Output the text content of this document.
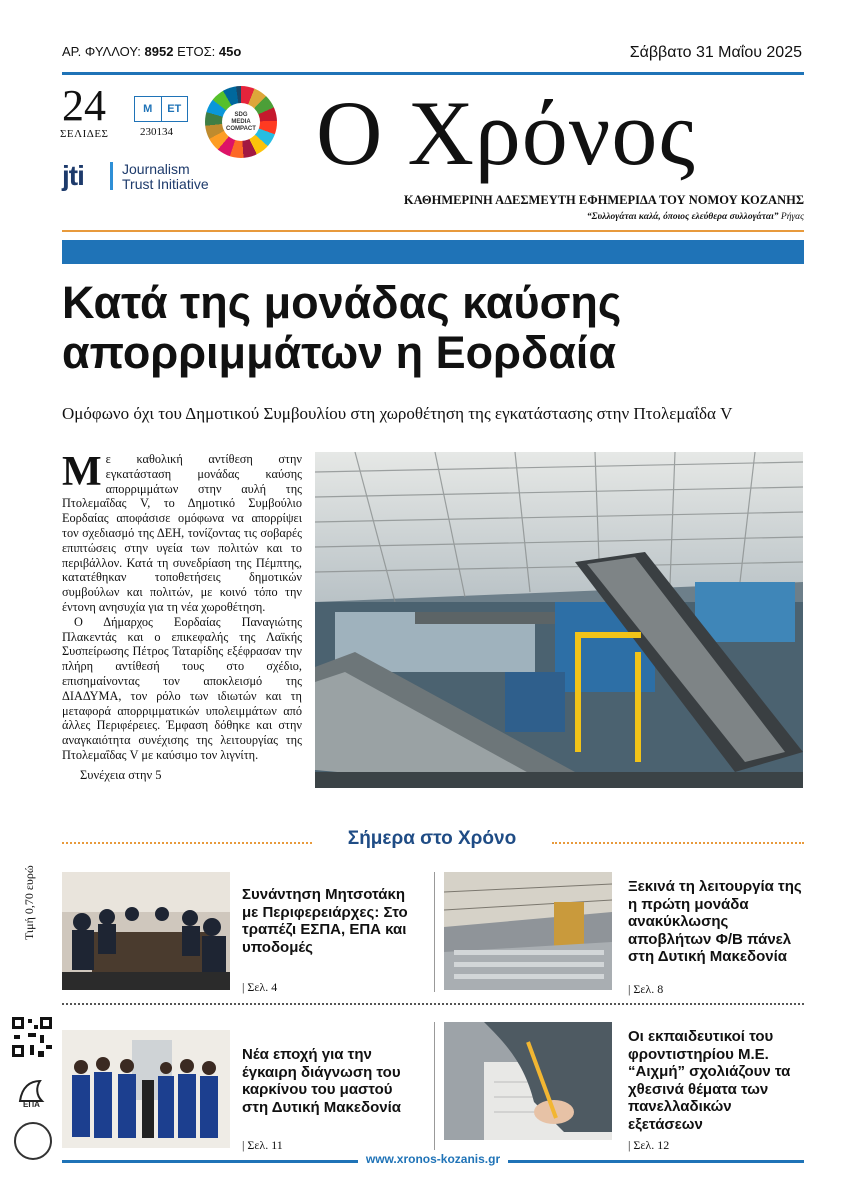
ΑΡ. ΦΥΛΛΟΥ: 8952 ΕΤΟΣ: 45ο	Σάββατο 31 Μαΐου 2025
24
ΣΕΛΙΔΕΣ
M	ET
230134
SDG
MEDIA
COMPACT
jti	Journalism
Trust Initiative Ο Χρόνος
ΚΑΘΗΜΕΡΙΝΗ ΑΔΕΣΜΕΥΤΗ ΕΦΗΜΕΡΙΔΑ ΤΟΥ ΝΟΜΟΥ ΚΟΖΑΝΗΣ
“Συλλογάται καλά, όποιος ελεύθερα συλλογάται” Ρήγας
Κατά της μονάδας καύσης απορριμμάτων η Εορδαία
Ομόφωνο όχι του Δημοτικού Συμβουλίου στη χωροθέτηση της εγκατάστασης στην Πτολεμαΐδα V

Με καθολική αντίθεση στην εγκατάσταση μονάδας καύσης απορριμμάτων στην αυλή της Πτολεμαΐδας V, το Δημοτικό Συμβούλιο Εορδαίας αποφάσισε ομόφωνα να απορρίψει τον σχεδιασμό της ΔΕΗ, τονίζοντας τις σοβαρές επιπτώσεις στην υγεία των πολιτών και το περιβάλλον. Κατά τη συνεδρίαση της Πέμπτης, κατατέθηκαν τοποθετήσεις δημοτικών συμβούλων και πολιτών, με κοινό τόπο την έντονη ανησυχία για τη νέα χωροθέτηση.

Ο Δήμαρχος Εορδαίας Παναγιώτης Πλακεντάς και ο επικεφαλής της Λαϊκής Συσπείρωσης Πέτρος Ταταρίδης εξέφρασαν την πλήρη αντίθεσή τους στο σχέδιο, επισημαίνοντας τον αποκλεισμό της ΔΙΑΔΥΜΑ, τον ρόλο των ιδιωτών και τη μεταφορά απορριμματικών υπολειμμάτων από άλλες Περιφέρειες. Έμφαση δόθηκε και στην αναγκαιότητα συνέχισης της λειτουργίας της Πτολεμαΐδας V με καύσιμο τον λιγνίτη.

Συνέχεια στην 5
Σήμερα στο Χρόνο
Τιμή 0,70 ευρώ
ΕΠΑ
Συνάντηση Μητσοτάκη με Περιφερειάρχες: Στο τραπέζι ΕΣΠΑ, ΕΠΑ και υποδομές
| Σελ. 4
Ξεκινά τη λειτουργία της η πρώτη μονάδα ανακύκλωσης αποβλήτων Φ/Β πάνελ στη Δυτική Μακεδονία
| Σελ. 8
Νέα εποχή για την έγκαιρη διάγνωση του καρκίνου του μαστού στη Δυτική Μακεδονία
| Σελ. 11
Οι εκπαιδευτικοί του φροντιστηρίου Μ.Ε. “Αιχμή” σχολιάζουν τα χθεσινά θέματα των πανελλαδικών εξετάσεων
| Σελ. 12
www.xronos-kozanis.gr
